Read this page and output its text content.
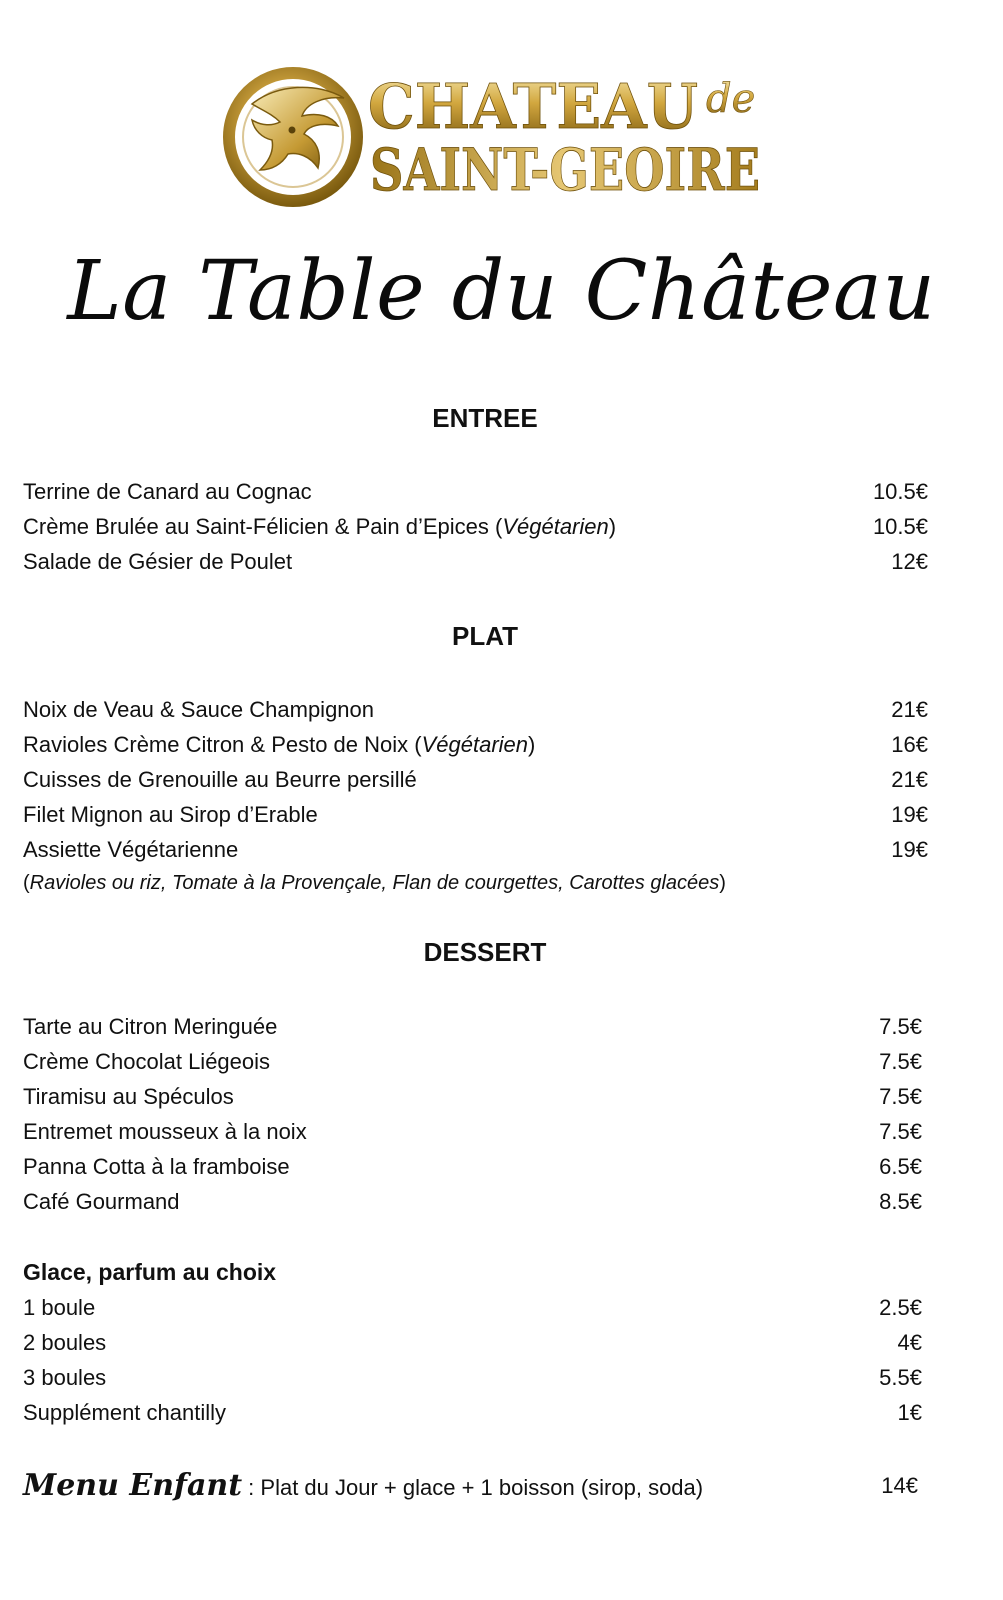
CHATEAU de
SAINT-GEOIRE
La Table du Château
ENTREE
Terrine de Canard au Cognac	10.5€
Crème Brulée au Saint-Félicien & Pain d’Epices (Végétarien)	10.5€
Salade de Gésier de Poulet	12€
PLAT
Noix de Veau & Sauce Champignon	21€
Ravioles Crème Citron & Pesto de Noix (Végétarien)	16€
Cuisses de Grenouille au Beurre persillé	21€
Filet Mignon au Sirop d’Erable	19€
Assiette Végétarienne	19€
(Ravioles ou riz, Tomate à la Provençale, Flan de courgettes, Carottes glacées)
DESSERT
Tarte au Citron Meringuée	7.5€
Crème Chocolat Liégeois	7.5€
Tiramisu au Spéculos	7.5€
Entremet mousseux à la noix	7.5€
Panna Cotta à la framboise	6.5€
Café Gourmand	8.5€
Glace, parfum au choix
1 boule	2.5€
2 boules	4€
3 boules	5.5€
Supplément chantilly	1€
Menu Enfant : Plat du Jour + glace + 1 boisson (sirop, soda)	14€
